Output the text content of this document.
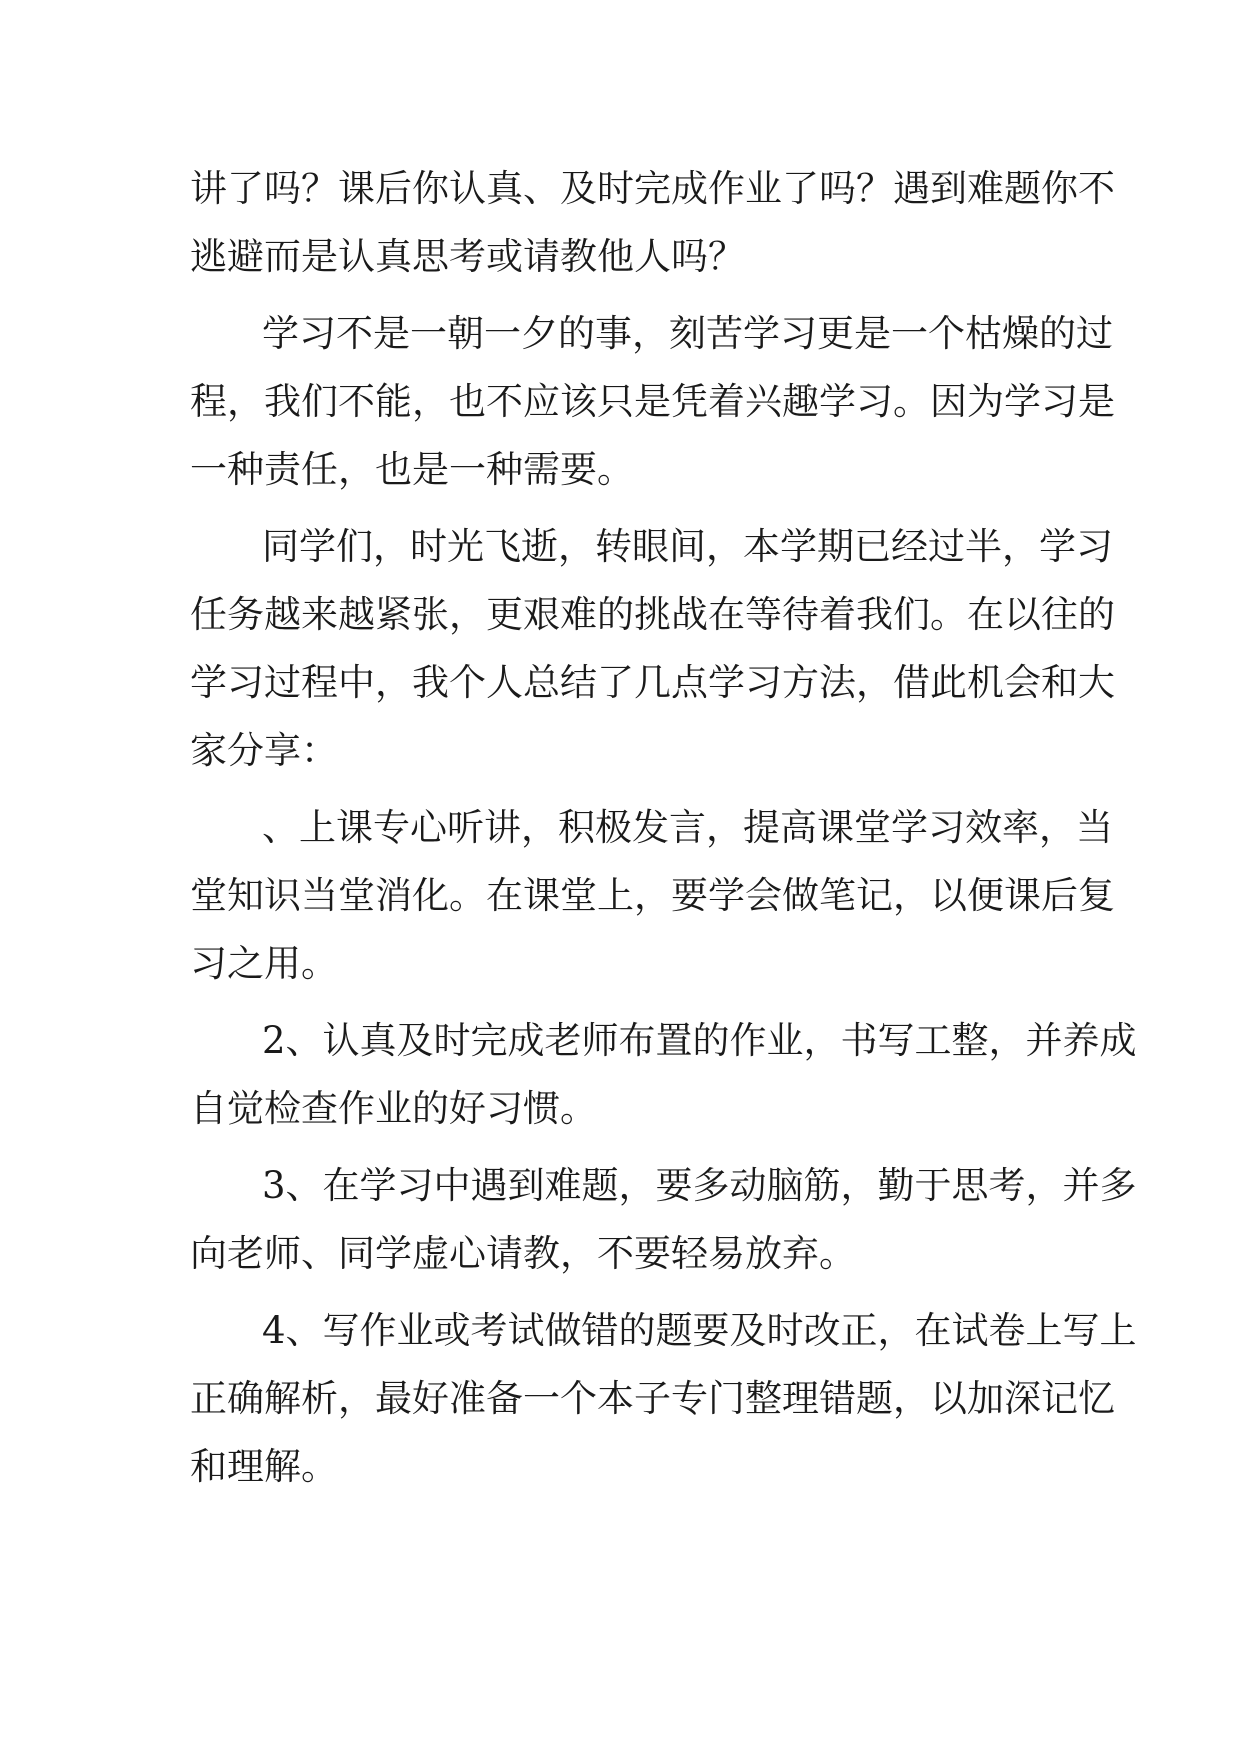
讲了吗？课后你认真、及时完成作业了吗？遇到难题你不
逃避而是认真思考或请教他人吗？
学习不是一朝一夕的事，刻苦学习更是一个枯燥的过
程，我们不能，也不应该只是凭着兴趣学习。因为学习是
一种责任，也是一种需要。
同学们，时光飞逝，转眼间，本学期已经过半，学习
任务越来越紧张，更艰难的挑战在等待着我们。在以往的
学习过程中，我个人总结了几点学习方法，借此机会和大
家分享：
、上课专心听讲，积极发言，提高课堂学习效率，当
堂知识当堂消化。在课堂上，要学会做笔记，以便课后复
习之用。
2、认真及时完成老师布置的作业，书写工整，并养成
自觉检查作业的好习惯。
3、在学习中遇到难题，要多动脑筋，勤于思考，并多
向老师、同学虚心请教，不要轻易放弃。
4、写作业或考试做错的题要及时改正，在试卷上写上
正确解析，最好准备一个本子专门整理错题，以加深记忆
和理解。
